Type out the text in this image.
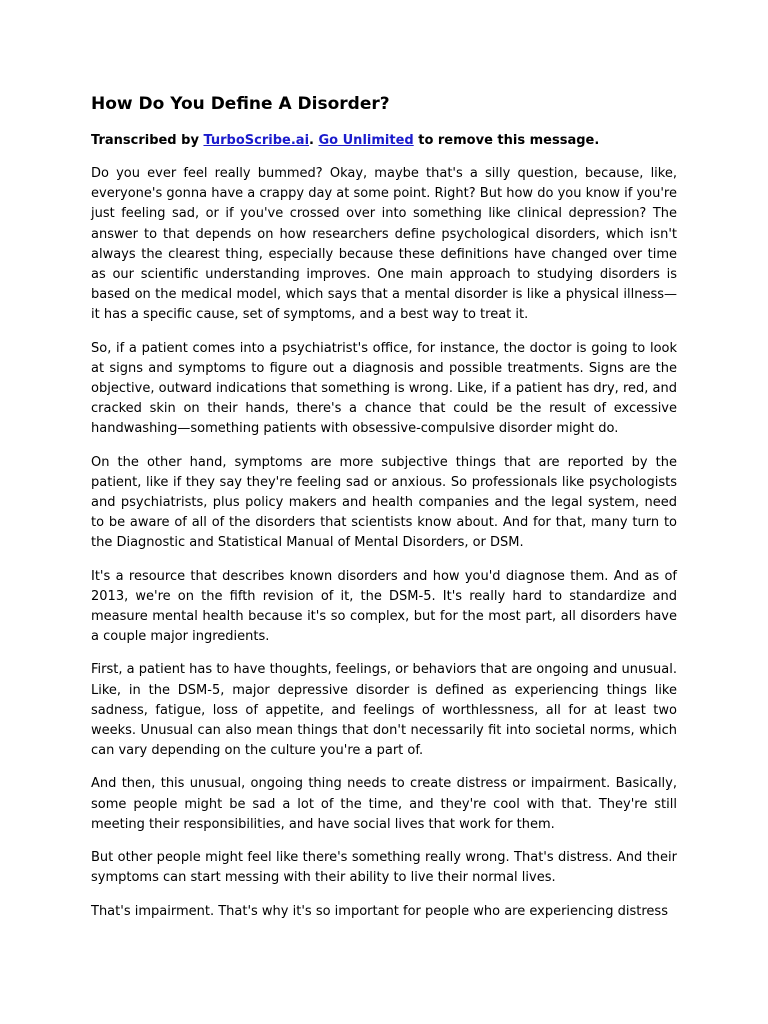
How Do You Define A Disorder?

Transcribed by TurboScribe.ai. Go Unlimited to remove this message.

Do you ever feel really bummed? Okay, maybe that's a silly question, because, like, everyone's gonna have a crappy day at some point. Right? But how do you know if you're just feeling sad, or if you've crossed over into something like clinical depression? The answer to that depends on how researchers define psychological disorders, which isn't always the clearest thing, especially because these definitions have changed over time as our scientific understanding improves. One main approach to studying disorders is based on the medical model, which says that a mental disorder is like a physical illness—it has a specific cause, set of symptoms, and a best way to treat it.

So, if a patient comes into a psychiatrist's office, for instance, the doctor is going to look at signs and symptoms to figure out a diagnosis and possible treatments. Signs are the objective, outward indications that something is wrong. Like, if a patient has dry, red, and cracked skin on their hands, there's a chance that could be the result of excessive handwashing—something patients with obsessive-compulsive disorder might do.

On the other hand, symptoms are more subjective things that are reported by the patient, like if they say they're feeling sad or anxious. So professionals like psychologists and psychiatrists, plus policy makers and health companies and the legal system, need to be aware of all of the disorders that scientists know about. And for that, many turn to the Diagnostic and Statistical Manual of Mental Disorders, or DSM.

It's a resource that describes known disorders and how you'd diagnose them. And as of 2013, we're on the fifth revision of it, the DSM-5. It's really hard to standardize and measure mental health because it's so complex, but for the most part, all disorders have a couple major ingredients.

First, a patient has to have thoughts, feelings, or behaviors that are ongoing and unusual. Like, in the DSM-5, major depressive disorder is defined as experiencing things like sadness, fatigue, loss of appetite, and feelings of worthlessness, all for at least two weeks. Unusual can also mean things that don't necessarily fit into societal norms, which can vary depending on the culture you're a part of.

And then, this unusual, ongoing thing needs to create distress or impairment. Basically, some people might be sad a lot of the time, and they're cool with that. They're still meeting their responsibilities, and have social lives that work for them.

But other people might feel like there's something really wrong. That's distress. And their symptoms can start messing with their ability to live their normal lives.

That's impairment. That's why it's so important for people who are experiencing distress
